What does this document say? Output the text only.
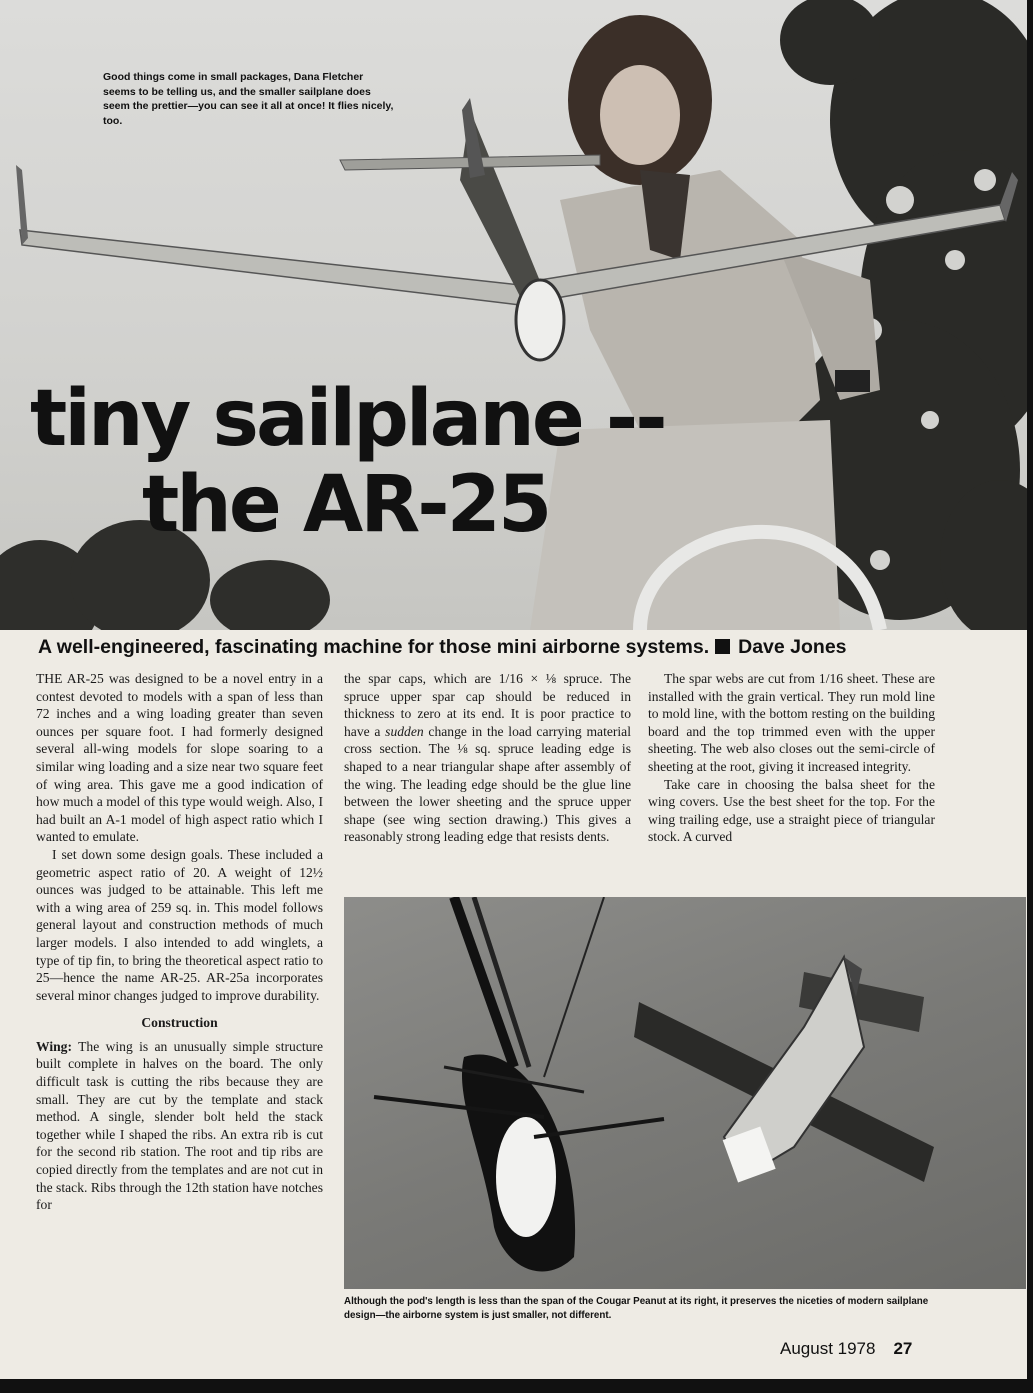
Good things come in small packages, Dana Fletcher seems to be telling us, and the smaller sailplane does seem the prettier—you can see it all at once! It flies nicely, too.
tiny sailplane --
the AR-25
A well-engineered, fascinating machine for those mini airborne systems. Dave Jones

THE AR-25 was designed to be a novel entry in a contest devoted to models with a span of less than 72 inches and a wing loading greater than seven ounces per square foot. I had formerly designed several all-wing models for slope soaring to a similar wing loading and a size near two square feet of wing area. This gave me a good indication of how much a model of this type would weigh. Also, I had built an A-1 model of high aspect ratio which I wanted to emulate.

I set down some design goals. These included a geometric aspect ratio of 20. A weight of 12½ ounces was judged to be attainable. This left me with a wing area of 259 sq. in. This model follows general layout and construction methods of much larger models. I also intended to add winglets, a type of tip fin, to bring the theoretical aspect ratio to 25—hence the name AR-25. AR-25a incorporates several minor changes judged to improve durability.

Construction

Wing: The wing is an unusually simple structure built complete in halves on the board. The only difficult task is cutting the ribs because they are small. They are cut by the template and stack method. A single, slender bolt held the stack together while I shaped the ribs. An extra rib is cut for the second rib station. The root and tip ribs are copied directly from the templates and are not cut in the stack. Ribs through the 12th station have notches for

the spar caps, which are 1/16 × ⅛ spruce. The spruce upper spar cap should be reduced in thickness to zero at its end. It is poor practice to have a sudden change in the load carrying material cross section. The ⅛ sq. spruce leading edge is shaped to a near triangular shape after assembly of the wing. The leading edge should be the glue line between the lower sheeting and the spruce upper shape (see wing section drawing.) This gives a reasonably strong leading edge that resists dents.

The spar webs are cut from 1/16 sheet. These are installed with the grain vertical. They run mold line to mold line, with the bottom resting on the building board and the top trimmed even with the upper sheeting. The web also closes out the semi-circle of sheeting at the root, giving it increased integrity.

Take care in choosing the balsa sheet for the wing covers. Use the best sheet for the top. For the wing trailing edge, use a straight piece of triangular stock. A curved

Although the pod's length is less than the span of the Cougar Peanut at its right, it preserves the niceties of modern sailplane design—the airborne system is just smaller, not different.
August 1978 27
